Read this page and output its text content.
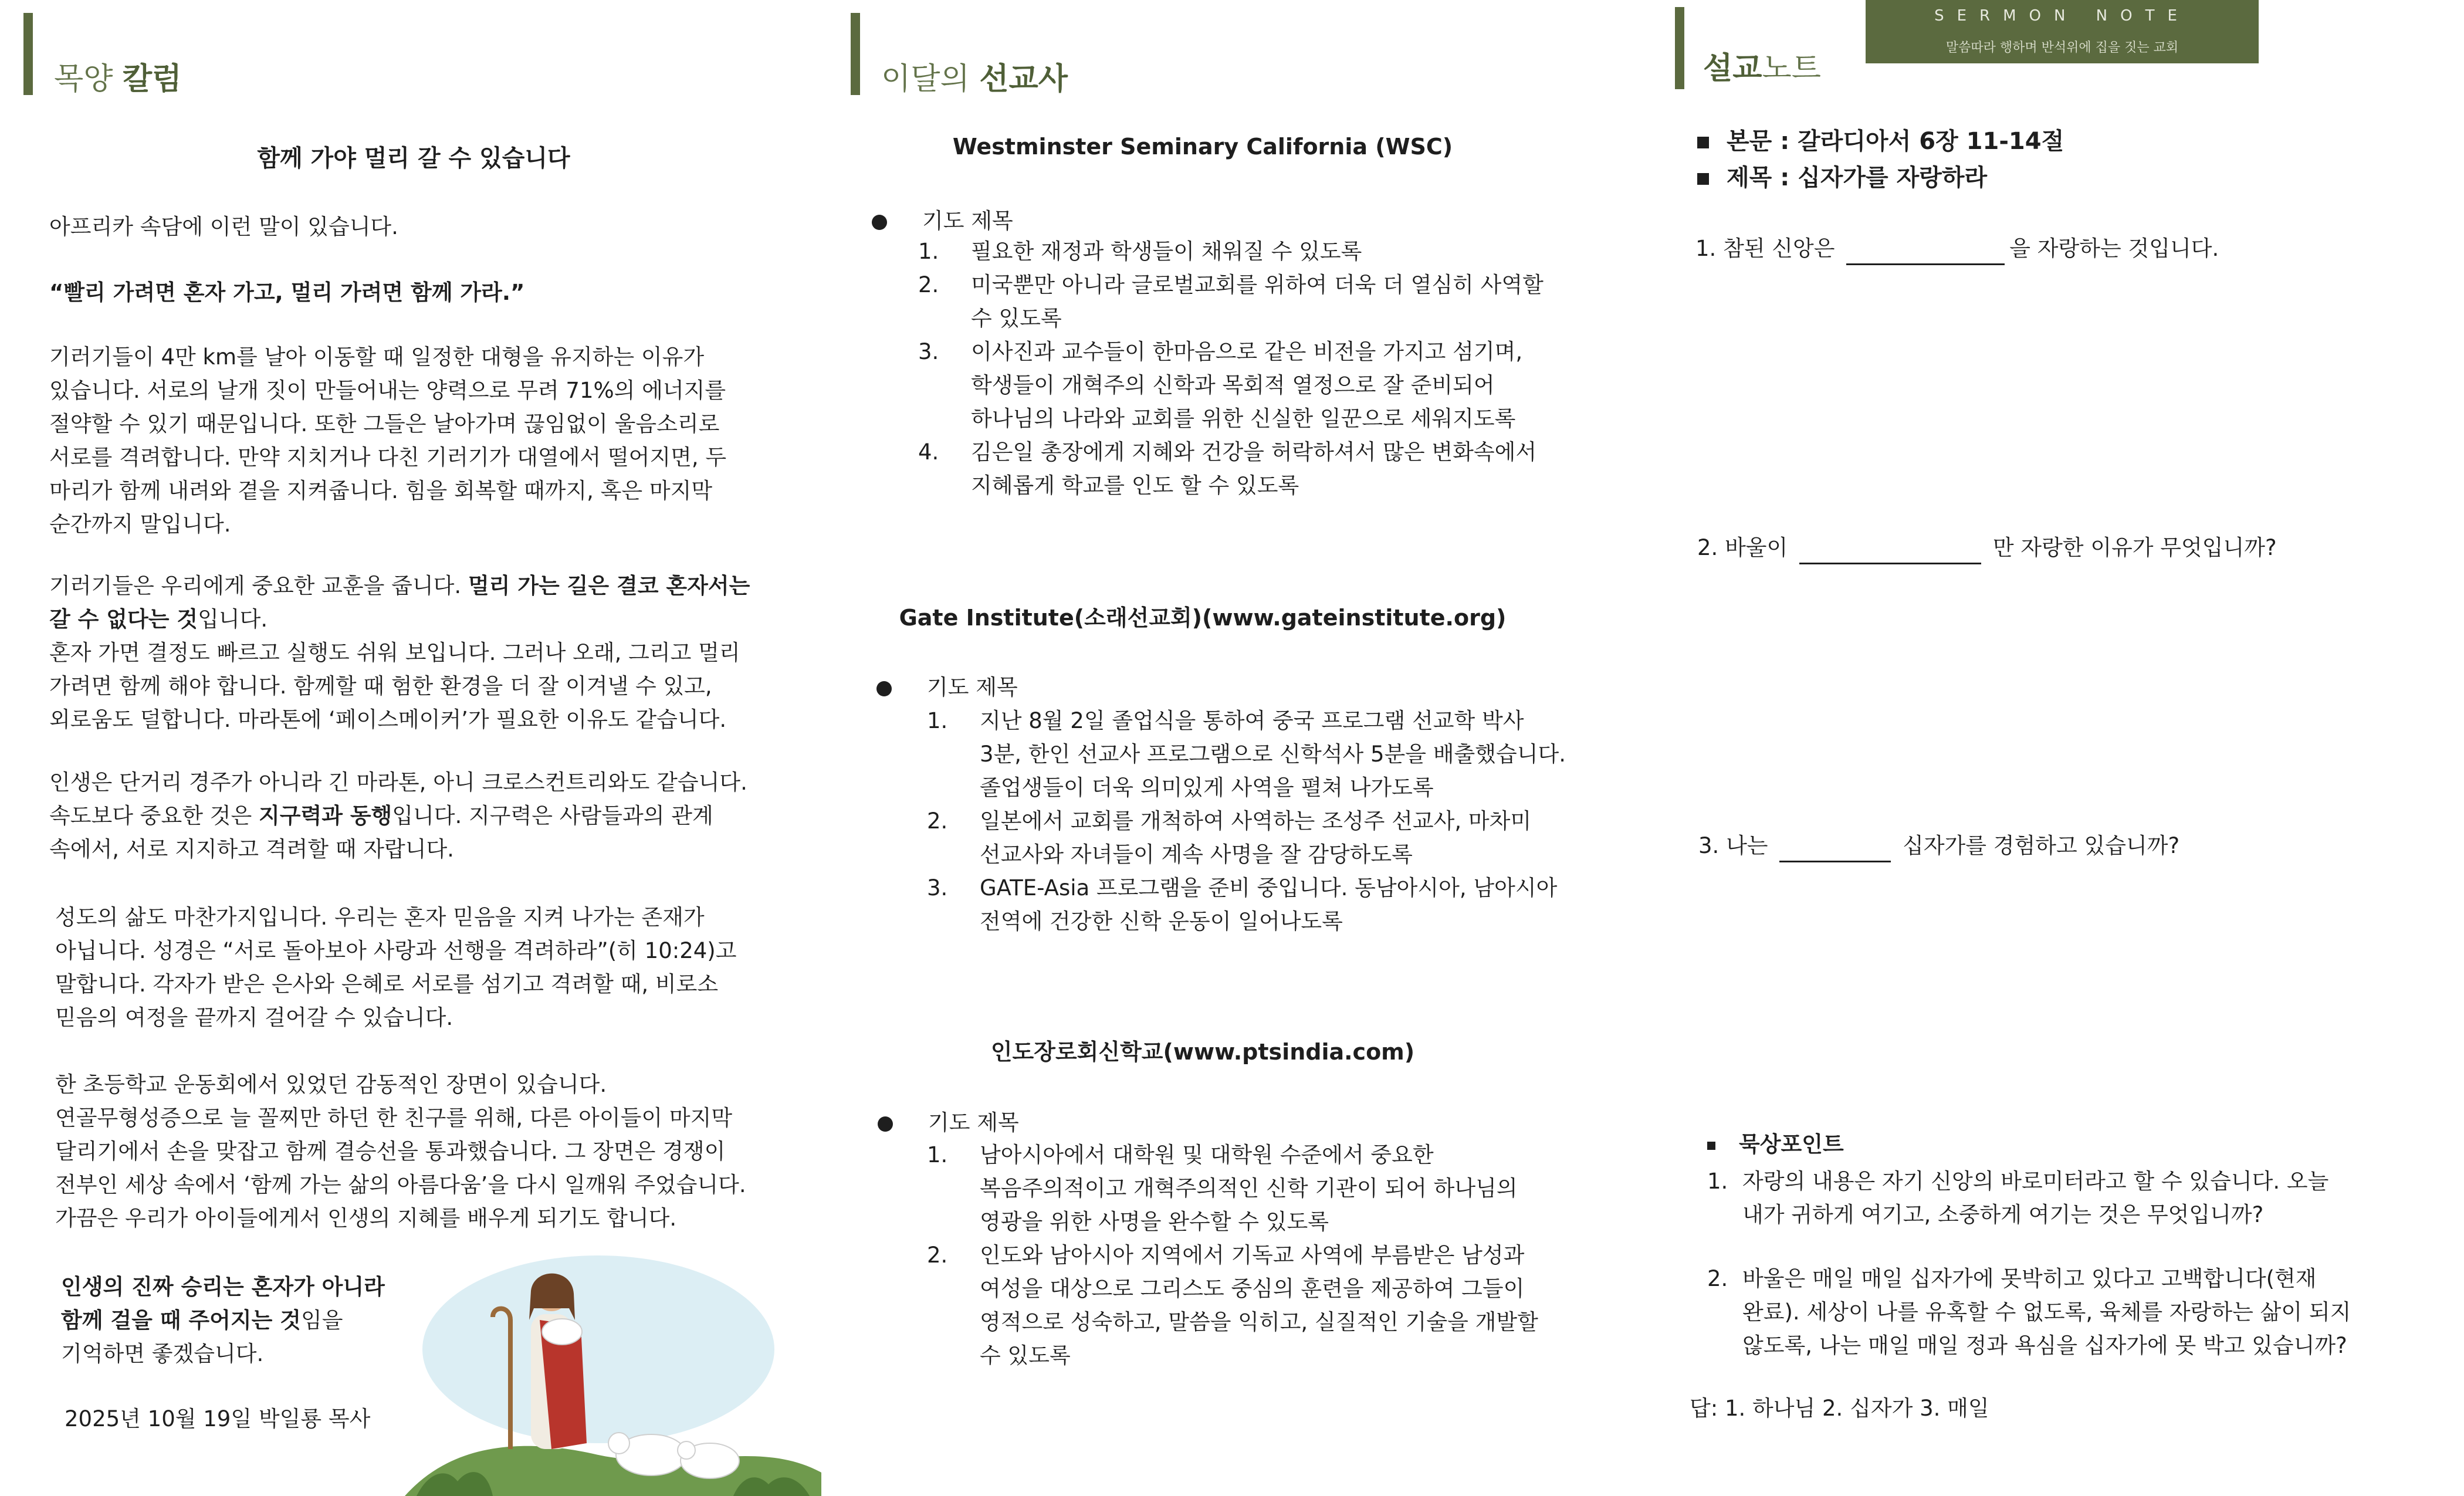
목양 칼럼
함께 가야 멀리 갈 수 있습니다

아프리카 속담에 이런 말이 있습니다.

“빨리 가려면 혼자 가고, 멀리 가려면 함께 가라.”

기러기들이 4만 km를 날아 이동할 때 일정한 대형을 유지하는 이유가

있습니다. 서로의 날개 짓이 만들어내는 양력으로 무려 71%의 에너지를

절약할 수 있기 때문입니다. 또한 그들은 날아가며 끊임없이 울음소리로

서로를 격려합니다. 만약 지치거나 다친 기러기가 대열에서 떨어지면, 두

마리가 함께 내려와 곁을 지켜줍니다. 힘을 회복할 때까지, 혹은 마지막

순간까지 말입니다.

기러기들은 우리에게 중요한 교훈을 줍니다. 멀리 가는 길은 결코 혼자서는

갈 수 없다는 것입니다.

혼자 가면 결정도 빠르고 실행도 쉬워 보입니다. 그러나 오래, 그리고 멀리

가려면 함께 해야 합니다. 함께할 때 험한 환경을 더 잘 이겨낼 수 있고,

외로움도 덜합니다. 마라톤에 ‘페이스메이커’가 필요한 이유도 같습니다.

인생은 단거리 경주가 아니라 긴 마라톤, 아니 크로스컨트리와도 같습니다.

속도보다 중요한 것은 지구력과 동행입니다. 지구력은 사람들과의 관계

속에서, 서로 지지하고 격려할 때 자랍니다.

성도의 삶도 마찬가지입니다. 우리는 혼자 믿음을 지켜 나가는 존재가

아닙니다. 성경은 “서로 돌아보아 사랑과 선행을 격려하라”(히 10:24)고

말합니다. 각자가 받은 은사와 은혜로 서로를 섬기고 격려할 때, 비로소

믿음의 여정을 끝까지 걸어갈 수 있습니다.

한 초등학교 운동회에서 있었던 감동적인 장면이 있습니다.

연골무형성증으로 늘 꼴찌만 하던 한 친구를 위해, 다른 아이들이 마지막

달리기에서 손을 맞잡고 함께 결승선을 통과했습니다. 그 장면은 경쟁이

전부인 세상 속에서 ‘함께 가는 삶의 아름다움’을 다시 일깨워 주었습니다.

가끔은 우리가 아이들에게서 인생의 지혜를 배우게 되기도 합니다.

인생의 진짜 승리는 혼자가 아니라

함께 걸을 때 주어지는 것임을

기억하면 좋겠습니다.

2025년 10월 19일 박일룡 목사

이달의 선교사
Westminster Seminary California (WSC)
기도 제목
1. 필요한 재정과 학생들이 채워질 수 있도록
2. 미국뿐만 아니라 글로벌교회를 위하여 더욱 더 열심히 사역할
수 있도록
3. 이사진과 교수들이 한마음으로 같은 비전을 가지고 섬기며,
학생들이 개혁주의 신학과 목회적 열정으로 잘 준비되어
하나님의 나라와 교회를 위한 신실한 일꾼으로 세워지도록
4. 김은일 총장에게 지혜와 건강을 허락하셔서 많은 변화속에서
지혜롭게 학교를 인도 할 수 있도록
Gate Institute(소래선교회)(www.gateinstitute.org)
기도 제목
1. 지난 8월 2일 졸업식을 통하여 중국 프로그램 선교학 박사
3분, 한인 선교사 프로그램으로 신학석사 5분을 배출했습니다.
졸업생들이 더욱 의미있게 사역을 펼쳐 나가도록
2. 일본에서 교회를 개척하여 사역하는 조성주 선교사, 마차미
선교사와 자녀들이 계속 사명을 잘 감당하도록
3. GATE-Asia 프로그램을 준비 중입니다. 동남아시아, 남아시아
전역에 건강한 신학 운동이 일어나도록
인도장로회신학교(www.ptsindia.com)
기도 제목
1. 남아시아에서 대학원 및 대학원 수준에서 중요한
복음주의적이고 개혁주의적인 신학 기관이 되어 하나님의
영광을 위한 사명을 완수할 수 있도록
2. 인도와 남아시아 지역에서 기독교 사역에 부름받은 남성과
여성을 대상으로 그리스도 중심의 훈련을 제공하여 그들이
영적으로 성숙하고, 말씀을 익히고, 실질적인 기술을 개발할
수 있도록
설교노트
본문 : 갈라디아서 6장 11-14절
제목 : 십자가를 자랑하라
1. 참된 신앙은	을 자랑하는 것입니다.
2. 바울이	만 자랑한 이유가 무엇입니까?
3. 나는	십자가를 경험하고 있습니까?
묵상포인트
1. 자랑의 내용은 자기 신앙의 바로미터라고 할 수 있습니다. 오늘
내가 귀하게 여기고, 소중하게 여기는 것은 무엇입니까?
2. 바울은 매일 매일 십자가에 못박히고 있다고 고백합니다(현재
완료). 세상이 나를 유혹할 수 없도록, 육체를 자랑하는 삶이 되지
않도록, 나는 매일 매일 정과 욕심을 십자가에 못 박고 있습니까?

답: 1. 하나님 2. 십자가 3. 매일

SERMON NOTE
말씀따라 행하며 반석위에 집을 짓는 교회
